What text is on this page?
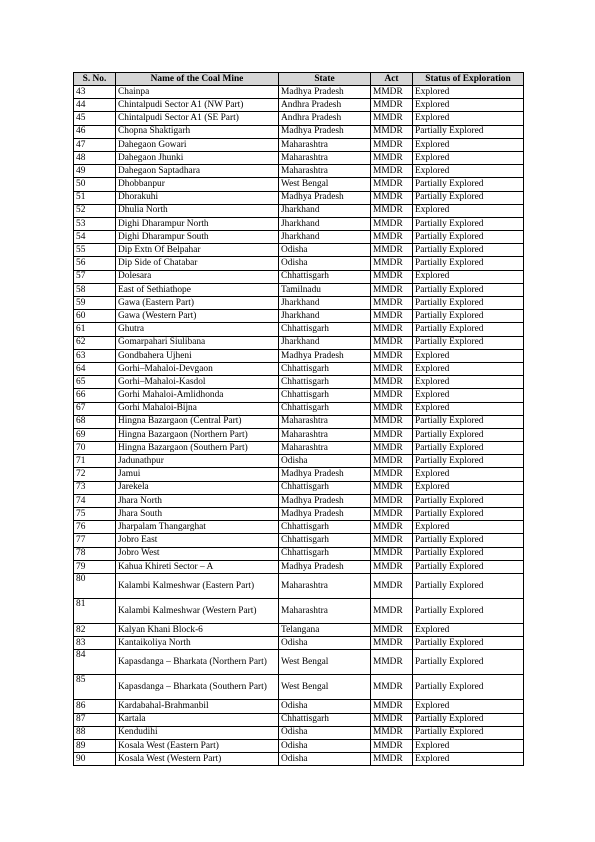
S. No.	Name of the Coal Mine	State	Act	Status of Exploration
43	Chainpa	Madhya Pradesh	MMDR	Explored
44	Chintalpudi Sector A1 (NW Part)	Andhra Pradesh	MMDR	Explored
45	Chintalpudi Sector A1 (SE Part)	Andhra Pradesh	MMDR	Explored
46	Chopna Shaktigarh	Madhya Pradesh	MMDR	Partially Explored
47	Dahegaon Gowari	Maharashtra	MMDR	Explored
48	Dahegaon Jhunki	Maharashtra	MMDR	Explored
49	Dahegaon Saptadhara	Maharashtra	MMDR	Explored
50	Dhobbanpur	West Bengal	MMDR	Partially Explored
51	Dhorakuhi	Madhya Pradesh	MMDR	Partially Explored
52	Dhulia North	Jharkhand	MMDR	Explored
53	Dighi Dharampur North	Jharkhand	MMDR	Partially Explored
54	Dighi Dharampur South	Jharkhand	MMDR	Partially Explored
55	Dip Extn Of Belpahar	Odisha	MMDR	Partially Explored
56	Dip Side of Chatabar	Odisha	MMDR	Partially Explored
57	Dolesara	Chhattisgarh	MMDR	Explored
58	East of Sethiathope	Tamilnadu	MMDR	Partially Explored
59	Gawa (Eastern Part)	Jharkhand	MMDR	Partially Explored
60	Gawa (Western Part)	Jharkhand	MMDR	Partially Explored
61	Ghutra	Chhattisgarh	MMDR	Partially Explored
62	Gomarpahari Siulibana	Jharkhand	MMDR	Partially Explored
63	Gondbahera Ujheni	Madhya Pradesh	MMDR	Explored
64	Gorhi–Mahaloi-Devgaon	Chhattisgarh	MMDR	Explored
65	Gorhi–Mahaloi-Kasdol	Chhattisgarh	MMDR	Explored
66	Gorhi Mahaloi-Amlidhonda	Chhattisgarh	MMDR	Explored
67	Gorhi Mahaloi-Bijna	Chhattisgarh	MMDR	Explored
68	Hingna Bazargaon (Central Part)	Maharashtra	MMDR	Partially Explored
69	Hingna Bazargaon (Northern Part)	Maharashtra	MMDR	Partially Explored
70	Hingna Bazargaon (Southern Part)	Maharashtra	MMDR	Partially Explored
71	Jadunathpur	Odisha	MMDR	Partially Explored
72	Jamui	Madhya Pradesh	MMDR	Explored
73	Jarekela	Chhattisgarh	MMDR	Explored
74	Jhara North	Madhya Pradesh	MMDR	Partially Explored
75	Jhara South	Madhya Pradesh	MMDR	Partially Explored
76	Jharpalam Thangarghat	Chhattisgarh	MMDR	Explored
77	Jobro East	Chhattisgarh	MMDR	Partially Explored
78	Jobro West	Chhattisgarh	MMDR	Partially Explored
79	Kahua Khireti Sector – A	Madhya Pradesh	MMDR	Partially Explored
80	Kalambi Kalmeshwar (Eastern Part)	Maharashtra	MMDR	Partially Explored
81	Kalambi Kalmeshwar (Western Part)	Maharashtra	MMDR	Partially Explored
82	Kalyan Khani Block-6	Telangana	MMDR	Explored
83	Kantaikoliya North	Odisha	MMDR	Partially Explored
84	Kapasdanga – Bharkata (Northern Part)	West Bengal	MMDR	Partially Explored
85	Kapasdanga – Bharkata (Southern Part)	West Bengal	MMDR	Partially Explored
86	Kardabahal-Brahmanbil	Odisha	MMDR	Explored
87	Kartala	Chhattisgarh	MMDR	Partially Explored
88	Kendudihi	Odisha	MMDR	Partially Explored
89	Kosala West (Eastern Part)	Odisha	MMDR	Explored
90	Kosala West (Western Part)	Odisha	MMDR	Explored
